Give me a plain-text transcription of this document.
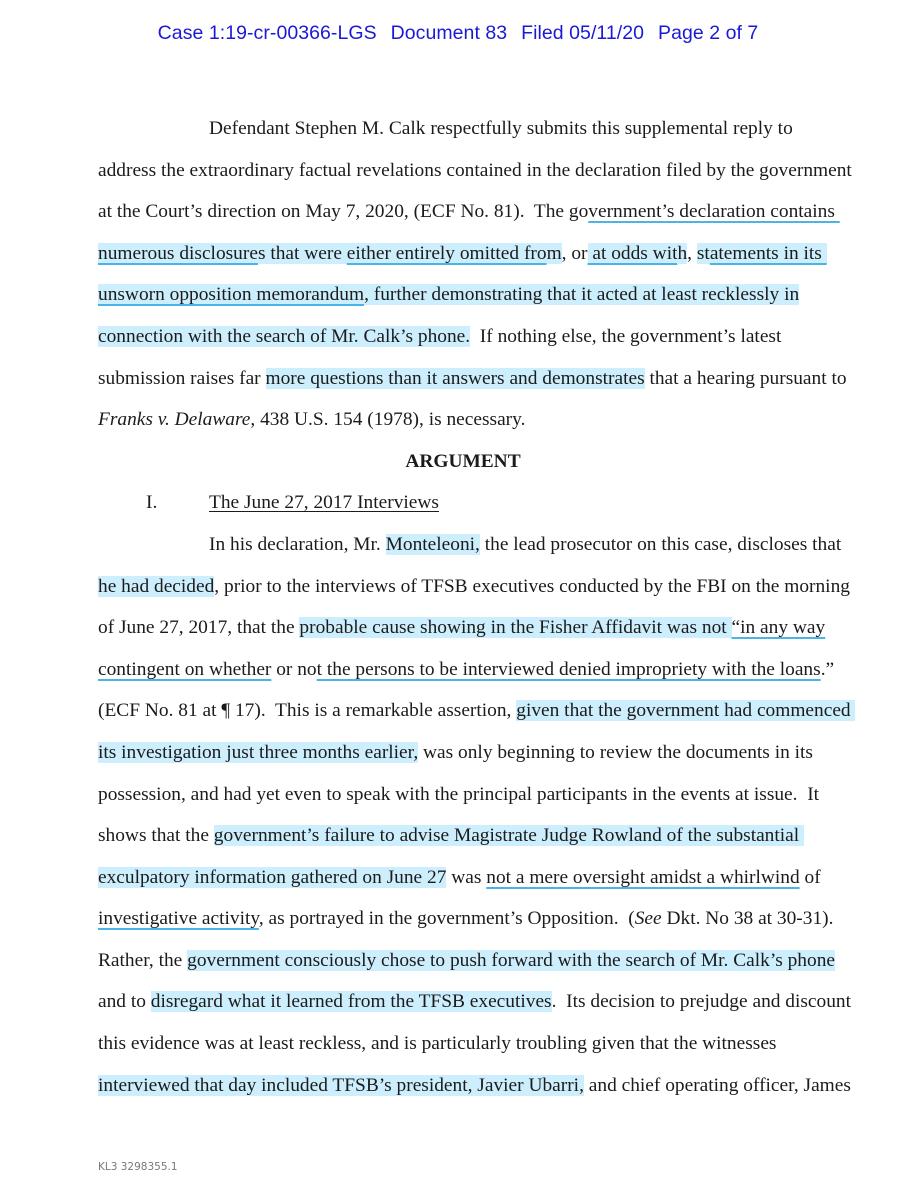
Case 1:19-cr-00366-LGS Document 83 Filed 05/11/20 Page 2 of 7
Defendant Stephen M. Calk respectfully submits this supplemental reply to
address the extraordinary factual revelations contained in the declaration filed by the government
at the Court’s direction on May 7, 2020, (ECF No. 81).  The government’s declaration contains
numerous disclosures that were either entirely omitted from, or at odds with, statements in its
unsworn opposition memorandum, further demonstrating that it acted at least recklessly in
connection with the search of Mr. Calk’s phone.  If nothing else, the government’s latest
submission raises far more questions than it answers and demonstrates that a hearing pursuant to
Franks v. Delaware, 438 U.S. 154 (1978), is necessary.
ARGUMENT
I.	The June 27, 2017 Interviews
In his declaration, Mr. Monteleoni, the lead prosecutor on this case, discloses that
he had decided, prior to the interviews of TFSB executives conducted by the FBI on the morning
of June 27, 2017, that the probable cause showing in the Fisher Affidavit was not “in any way
contingent on whether or not the persons to be interviewed denied impropriety with the loans.”
(ECF No. 81 at ¶ 17).  This is a remarkable assertion, given that the government had commenced
its investigation just three months earlier, was only beginning to review the documents in its
possession, and had yet even to speak with the principal participants in the events at issue.  It
shows that the government’s failure to advise Magistrate Judge Rowland of the substantial
exculpatory information gathered on June 27 was not a mere oversight amidst a whirlwind of
investigative activity, as portrayed in the government’s Opposition.  (See Dkt. No 38 at 30-31).
Rather, the government consciously chose to push forward with the search of Mr. Calk’s phone
and to disregard what it learned from the TFSB executives.  Its decision to prejudge and discount
this evidence was at least reckless, and is particularly troubling given that the witnesses
interviewed that day included TFSB’s president, Javier Ubarri, and chief operating officer, James
KL3 3298355.1
